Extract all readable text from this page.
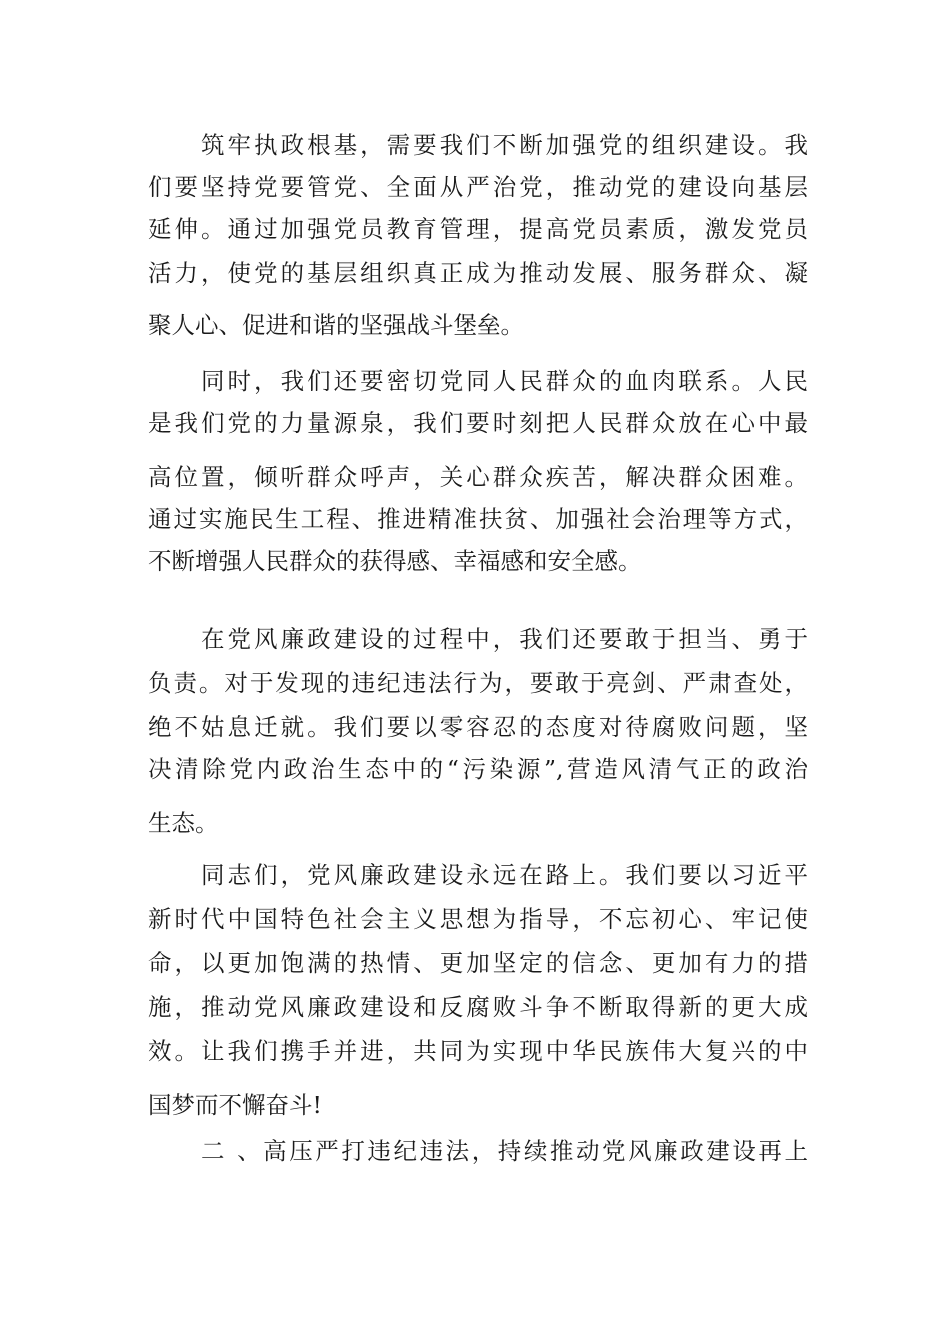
筑牢执政根基，需要我们不断加强党的组织建设。我
们要坚持党要管党、全面从严治党，推动党的建设向基层
延伸。通过加强党员教育管理，提高党员素质，激发党员
活力，使党的基层组织真正成为推动发展、服务群众、凝
聚人心、促进和谐的坚强战斗堡垒。
同时，我们还要密切党同人民群众的血肉联系。人民
是我们党的力量源泉，我们要时刻把人民群众放在心中最
高位置，倾听群众呼声，关心群众疾苦，解决群众困难。
通过实施民生工程、推进精准扶贫、加强社会治理等方式，
不断增强人民群众的获得感、幸福感和安全感。
在党风廉政建设的过程中，我们还要敢于担当、勇于
负责。对于发现的违纪违法行为，要敢于亮剑、严肃查处，
绝不姑息迁就。我们要以零容忍的态度对待腐败问题，坚
决清除党内政治生态中的“污染源”,营造风清气正的政治
生态。
同志们，党风廉政建设永远在路上。我们要以习近平
新时代中国特色社会主义思想为指导，不忘初心、牢记使
命，以更加饱满的热情、更加坚定的信念、更加有力的措
施，推动党风廉政建设和反腐败斗争不断取得新的更大成
效。让我们携手并进，共同为实现中华民族伟大复兴的中
国梦而不懈奋斗!
二 、高压严打违纪违法，持续推动党风廉政建设再上
